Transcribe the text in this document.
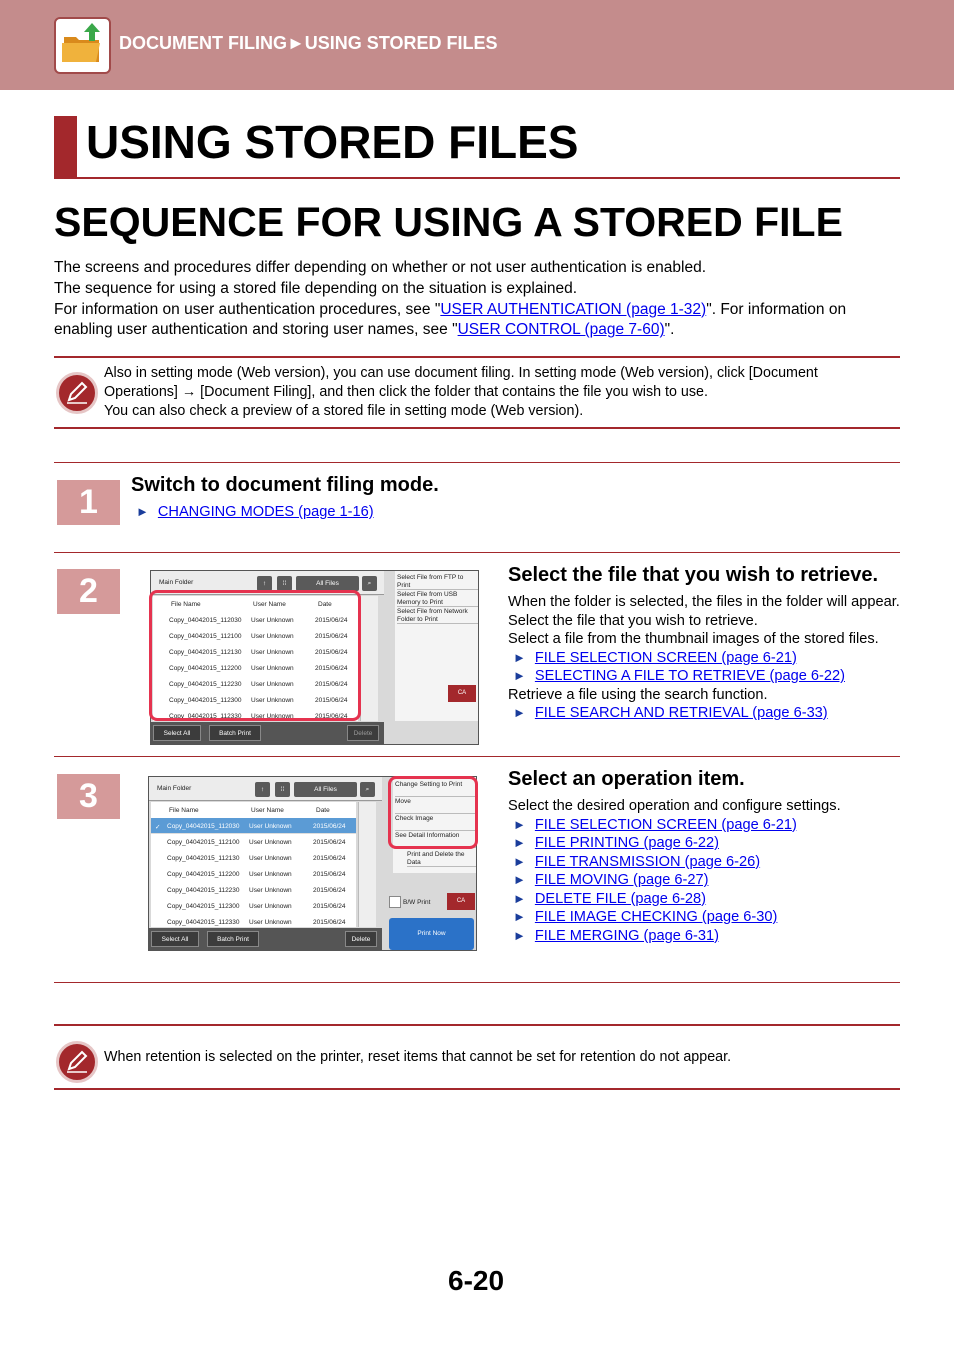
DOCUMENT FILING►USING STORED FILES
USING STORED FILES
SEQUENCE FOR USING A STORED FILE
The screens and procedures differ depending on whether or not user authentication is enabled.
The sequence for using a stored file depending on the situation is explained.
For information on user authentication procedures, see "USER AUTHENTICATION (page 1-32)". For information on
enabling user authentication and storing user names, see "USER CONTROL (page 7-60)".
Also in setting mode (Web version), you can use document filing. In setting mode (Web version), click [Document
Operations] → [Document Filing], and then click the folder that contains the file you wish to use.
You can also check a preview of a stored file in setting mode (Web version).
1	Switch to document filing mode.
► CHANGING MODES (page 1-16)
2	Main Folder	↑	⁞⁞	All Files	⌕
File Name	User Name	Date
Copy_04042015_112030 User Unknown	2015/06/24
Copy_04042015_112100 User Unknown	2015/06/24
Copy_04042015_112130 User Unknown	2015/06/24
Copy_04042015_112200 User Unknown	2015/06/24
Copy_04042015_112230 User Unknown	2015/06/24
Copy_04042015_112300 User Unknown	2015/06/24
Copy_04042015_112330 User Unknown	2015/06/24
Select File from FTP to Print
Select File from USB Memory to Print
Select File from Network Folder to Print
CA
Select All	Batch Print	Delete
Select the file that you wish to retrieve.
When the folder is selected, the files in the folder will appear.
Select the file that you wish to retrieve.
Select a file from the thumbnail images of the stored files.
► FILE SELECTION SCREEN (page 6-21)
► SELECTING A FILE TO RETRIEVE (page 6-22)
Retrieve a file using the search function.
► FILE SEARCH AND RETRIEVAL (page 6-33)
3	Main Folder	↑	⁞⁞	All Files	⌕
File Name	User Name	Date
✓ Copy_04042015_112030 User Unknown	2015/06/24
Copy_04042015_112100 User Unknown	2015/06/24
Copy_04042015_112130 User Unknown	2015/06/24
Copy_04042015_112200 User Unknown	2015/06/24
Copy_04042015_112230 User Unknown	2015/06/24
Copy_04042015_112300 User Unknown	2015/06/24
Copy_04042015_112330 User Unknown	2015/06/24
Change Setting to Print
Move
Check Image
See Detail Information
Print and Delete the Data
B/W Print	CA
Print Now
Select All	Batch Print	Delete
Select an operation item.
Select the desired operation and configure settings.
► FILE SELECTION SCREEN (page 6-21)
► FILE PRINTING (page 6-22)
► FILE TRANSMISSION (page 6-26)
► FILE MOVING (page 6-27)
► DELETE FILE (page 6-28)
► FILE IMAGE CHECKING (page 6-30)
► FILE MERGING (page 6-31)
When retention is selected on the printer, reset items that cannot be set for retention do not appear.
6-20
